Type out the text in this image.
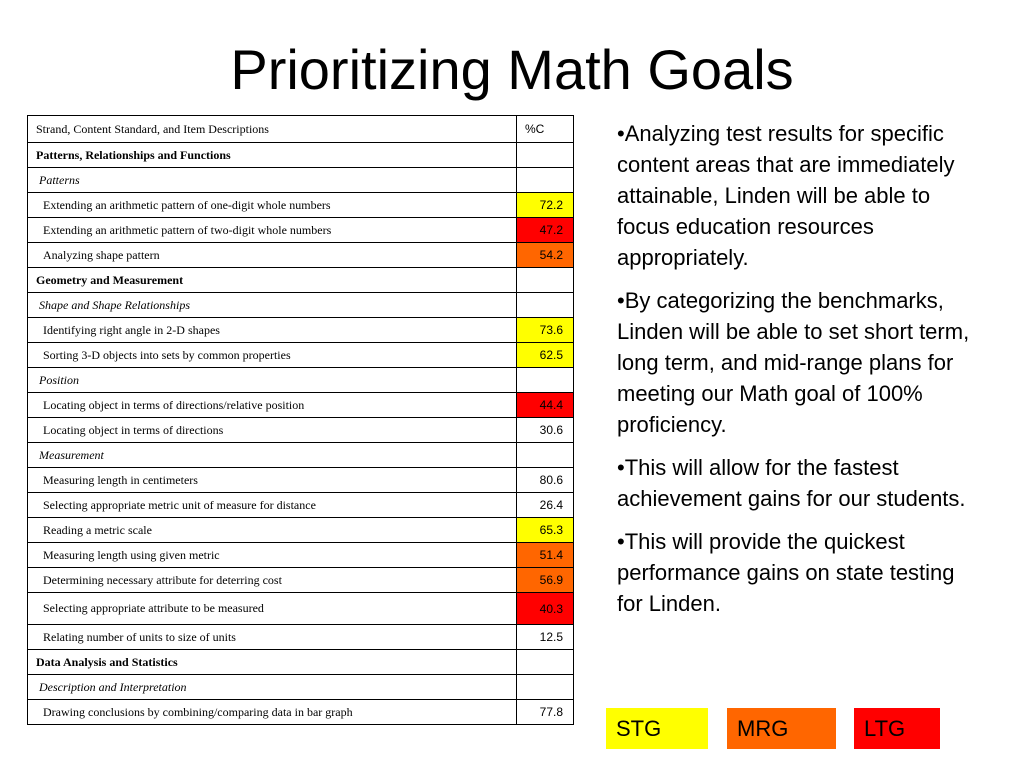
Prioritizing Math Goals
Strand, Content Standard, and Item Descriptions	%C
Patterns, Relationships and Functions	
Patterns	
Extending an arithmetic pattern of one-digit whole numbers	72.2
Extending an arithmetic pattern of two-digit whole numbers	47.2
Analyzing shape pattern	54.2
Geometry and Measurement	
Shape and Shape Relationships	
Identifying right angle in 2-D shapes	73.6
Sorting 3-D objects into sets by common properties	62.5
Position	
Locating object in terms of directions/relative position	44.4
Locating object in terms of directions	30.6
Measurement	
Measuring length in centimeters	80.6
Selecting appropriate metric unit of measure for distance	26.4
Reading a metric scale	65.3
Measuring length using given metric	51.4
Determining necessary attribute for deterring cost	56.9
Selecting appropriate attribute to be measured	40.3
Relating number of units to size of units	12.5
Data Analysis and Statistics	
Description and Interpretation	
Drawing conclusions by combining/comparing data in bar graph	77.8
•Analyzing test results for specific content areas that are immediately attainable, Linden will be able to focus education resources appropriately.
•By categorizing the benchmarks, Linden will be able to set short term, long term, and mid-range plans for meeting our Math goal of 100% proficiency.
•This will allow for the fastest achievement gains for our students.
•This will provide the quickest performance gains on state testing for Linden.
STG	MRG	LTG
